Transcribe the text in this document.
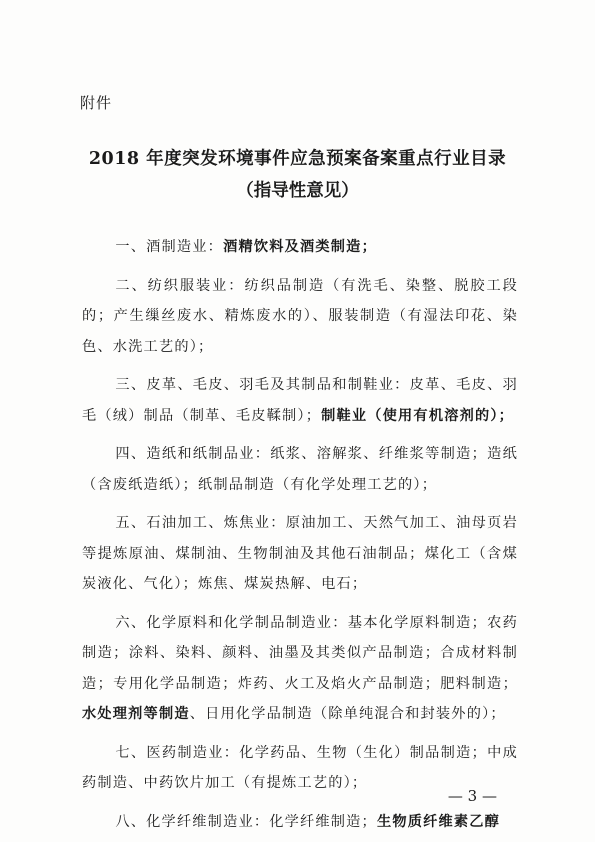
附件
2018 年度突发环境事件应急预案备案重点行业目录
（指导性意见）

一、酒制造业：酒精饮料及酒类制造；

二、纺织服装业：纺织品制造（有洗毛、染整、脱胶工段的；产生缫丝废水、精炼废水的）、服装制造（有湿法印花、染色、水洗工艺的）；

三、皮革、毛皮、羽毛及其制品和制鞋业：皮革、毛皮、羽毛（绒）制品（制革、毛皮鞣制）；制鞋业（使用有机溶剂的）；

四、造纸和纸制品业：纸浆、溶解浆、纤维浆等制造；造纸（含废纸造纸）；纸制品制造（有化学处理工艺的）；

五、石油加工、炼焦业：原油加工、天然气加工、油母页岩等提炼原油、煤制油、生物制油及其他石油制品；煤化工（含煤炭液化、气化）；炼焦、煤炭热解、电石；

六、化学原料和化学制品制造业：基本化学原料制造；农药制造；涂料、染料、颜料、油墨及其类似产品制造；合成材料制造；专用化学品制造；炸药、火工及焰火产品制造；肥料制造；水处理剂等制造、日用化学品制造（除单纯混合和封装外的）；

七、医药制造业：化学药品、生物（生化）制品制造；中成药制造、中药饮片加工（有提炼工艺的）；

八、化学纤维制造业：化学纤维制造；生物质纤维素乙醇

— 3 —
